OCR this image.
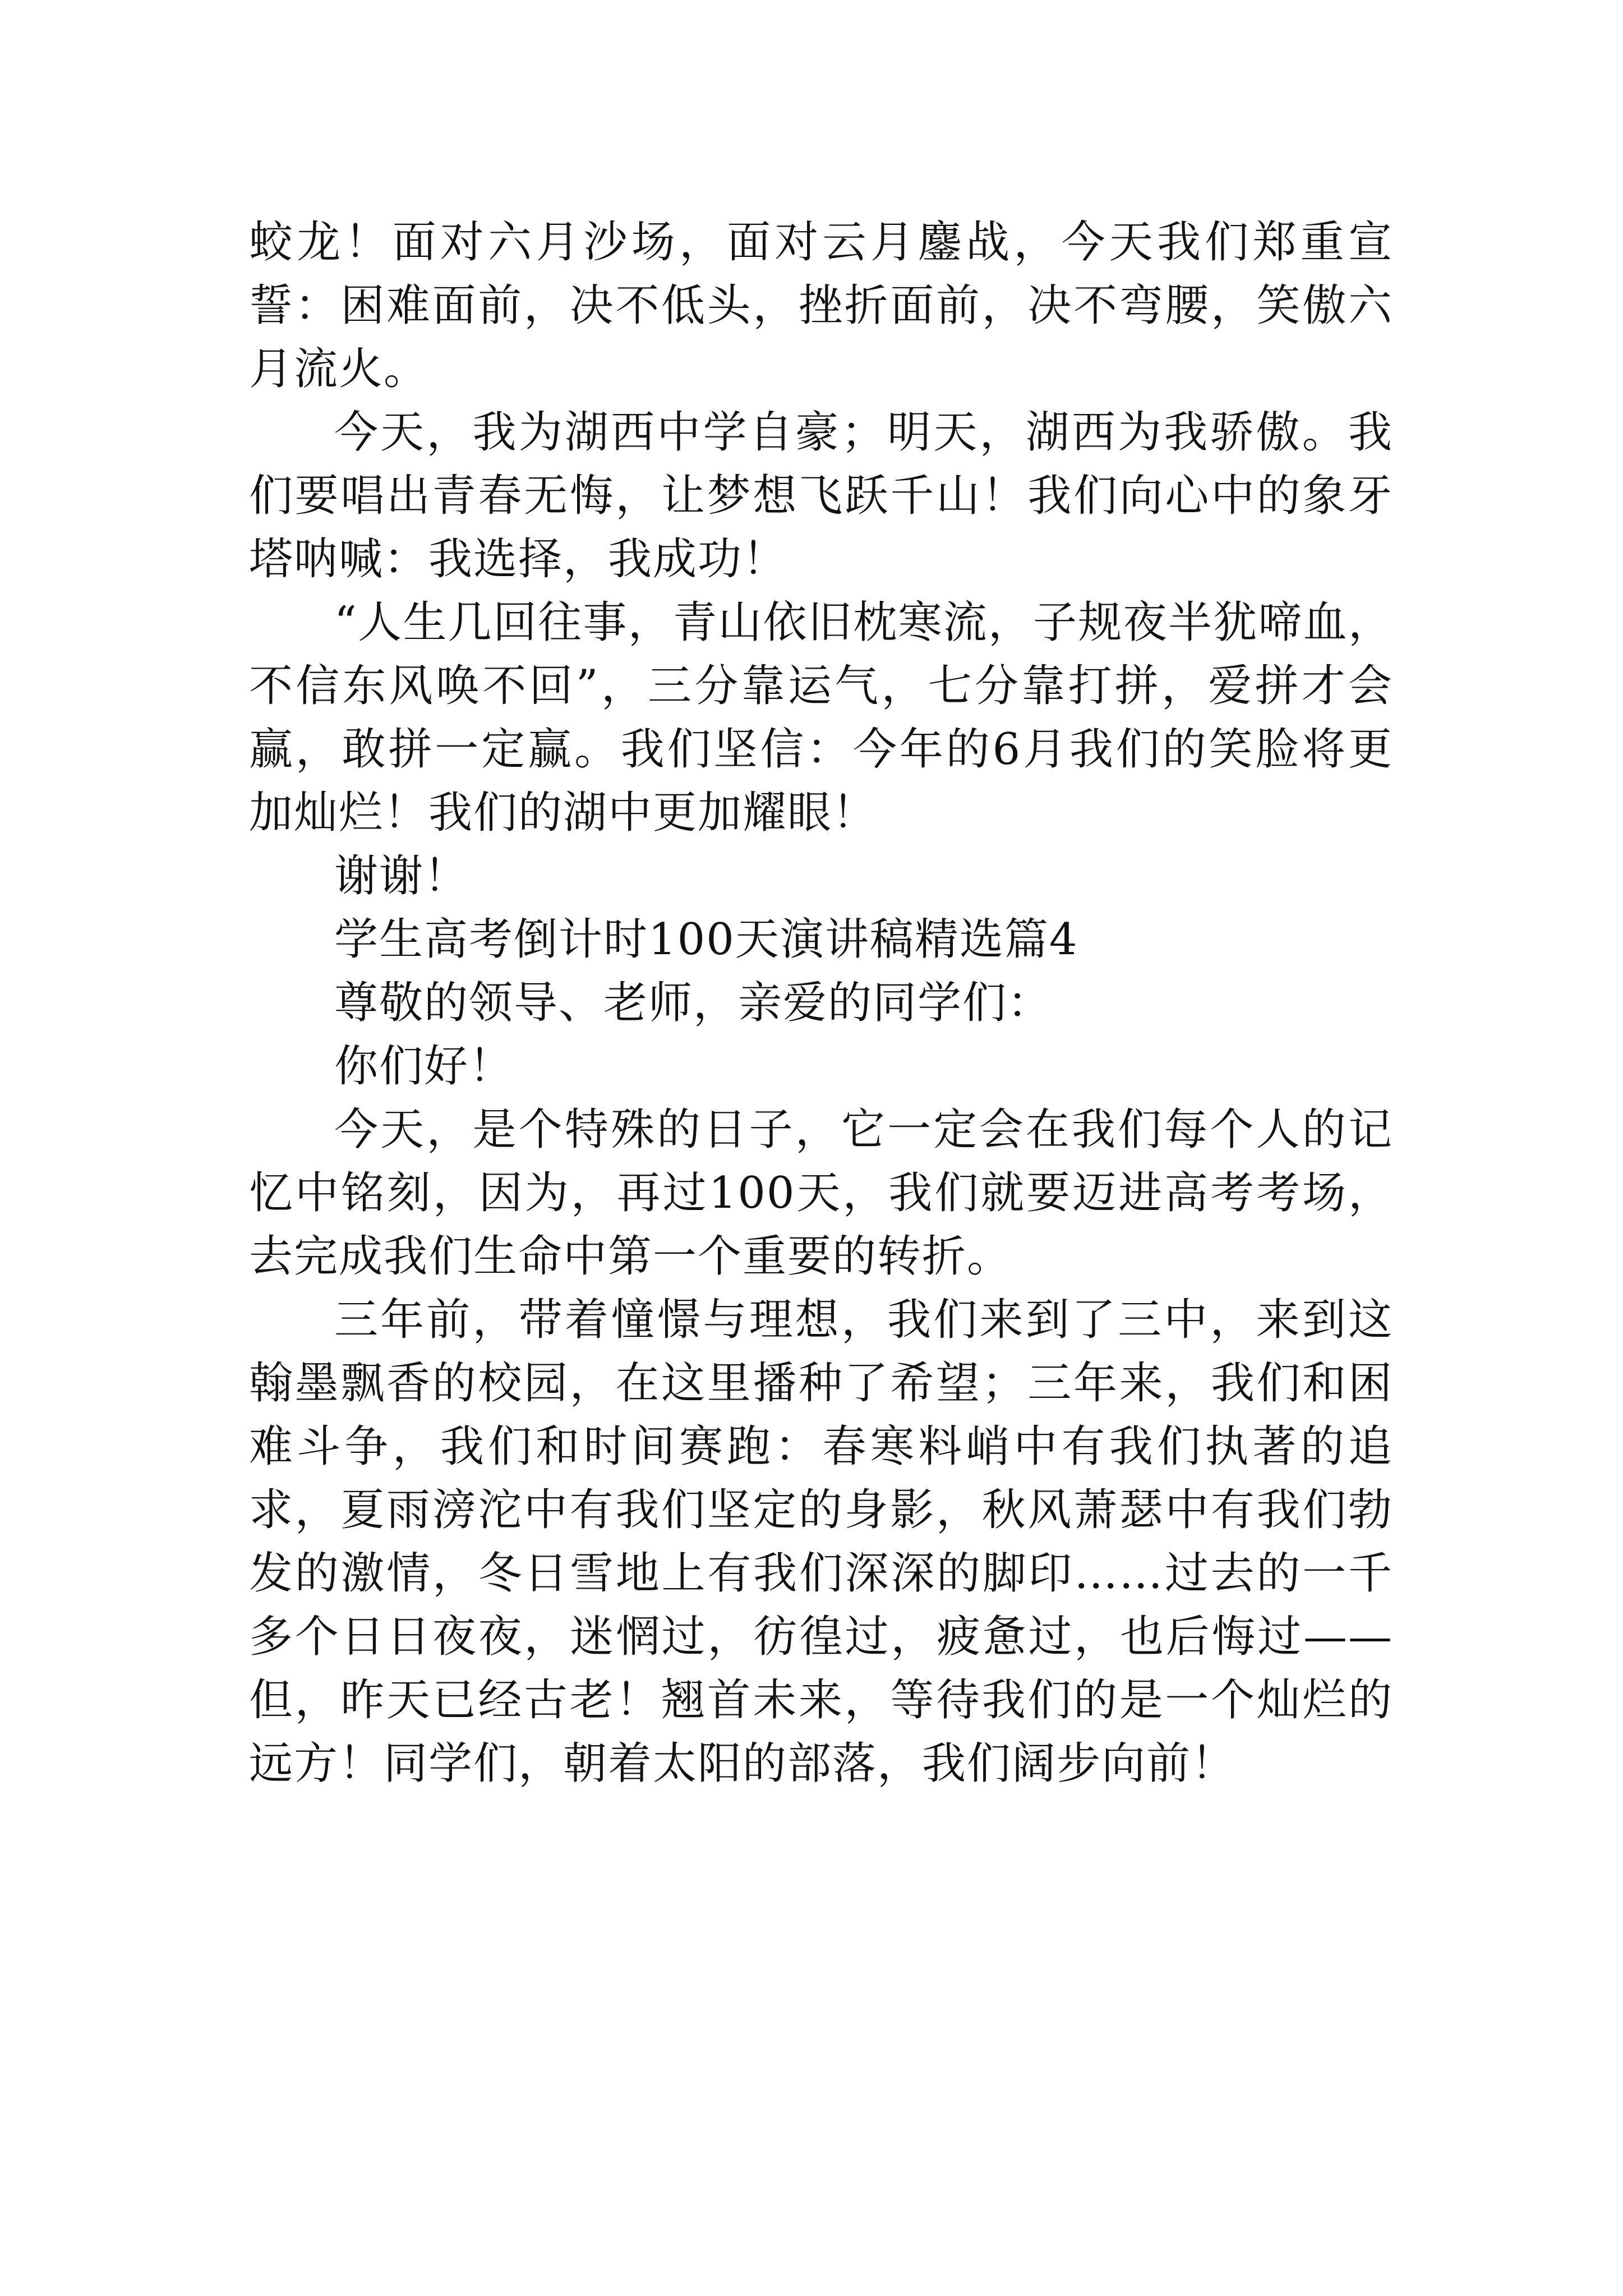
蛟龙！面对六月沙场，面对云月鏖战，今天我们郑重宣誓：困难面前，决不低头，挫折面前，决不弯腰，笑傲六月流火。

今天，我为湖西中学自豪；明天，湖西为我骄傲。我们要唱出青春无悔，让梦想飞跃千山！我们向心中的象牙塔呐喊：我选择，我成功！

“人生几回往事，青山依旧枕寒流，子规夜半犹啼血，不信东风唤不回”，三分靠运气，七分靠打拼，爱拼才会赢，敢拼一定赢。我们坚信：今年的6月我们的笑脸将更加灿烂！我们的湖中更加耀眼！

谢谢！

学生高考倒计时100天演讲稿精选篇4

尊敬的领导、老师，亲爱的同学们：

你们好！

今天，是个特殊的日子，它一定会在我们每个人的记忆中铭刻，因为，再过100天，我们就要迈进高考考场，去完成我们生命中第一个重要的转折。

三年前，带着憧憬与理想，我们来到了三中，来到这翰墨飘香的校园，在这里播种了希望；三年来，我们和困难斗争，我们和时间赛跑：春寒料峭中有我们执著的追求，夏雨滂沱中有我们坚定的身影，秋风萧瑟中有我们勃发的激情，冬日雪地上有我们深深的脚印……过去的一千多个日日夜夜，迷惘过，彷徨过，疲惫过，也后悔过——但，昨天已经古老！翘首未来，等待我们的是一个灿烂的远方！同学们，朝着太阳的部落，我们阔步向前！
